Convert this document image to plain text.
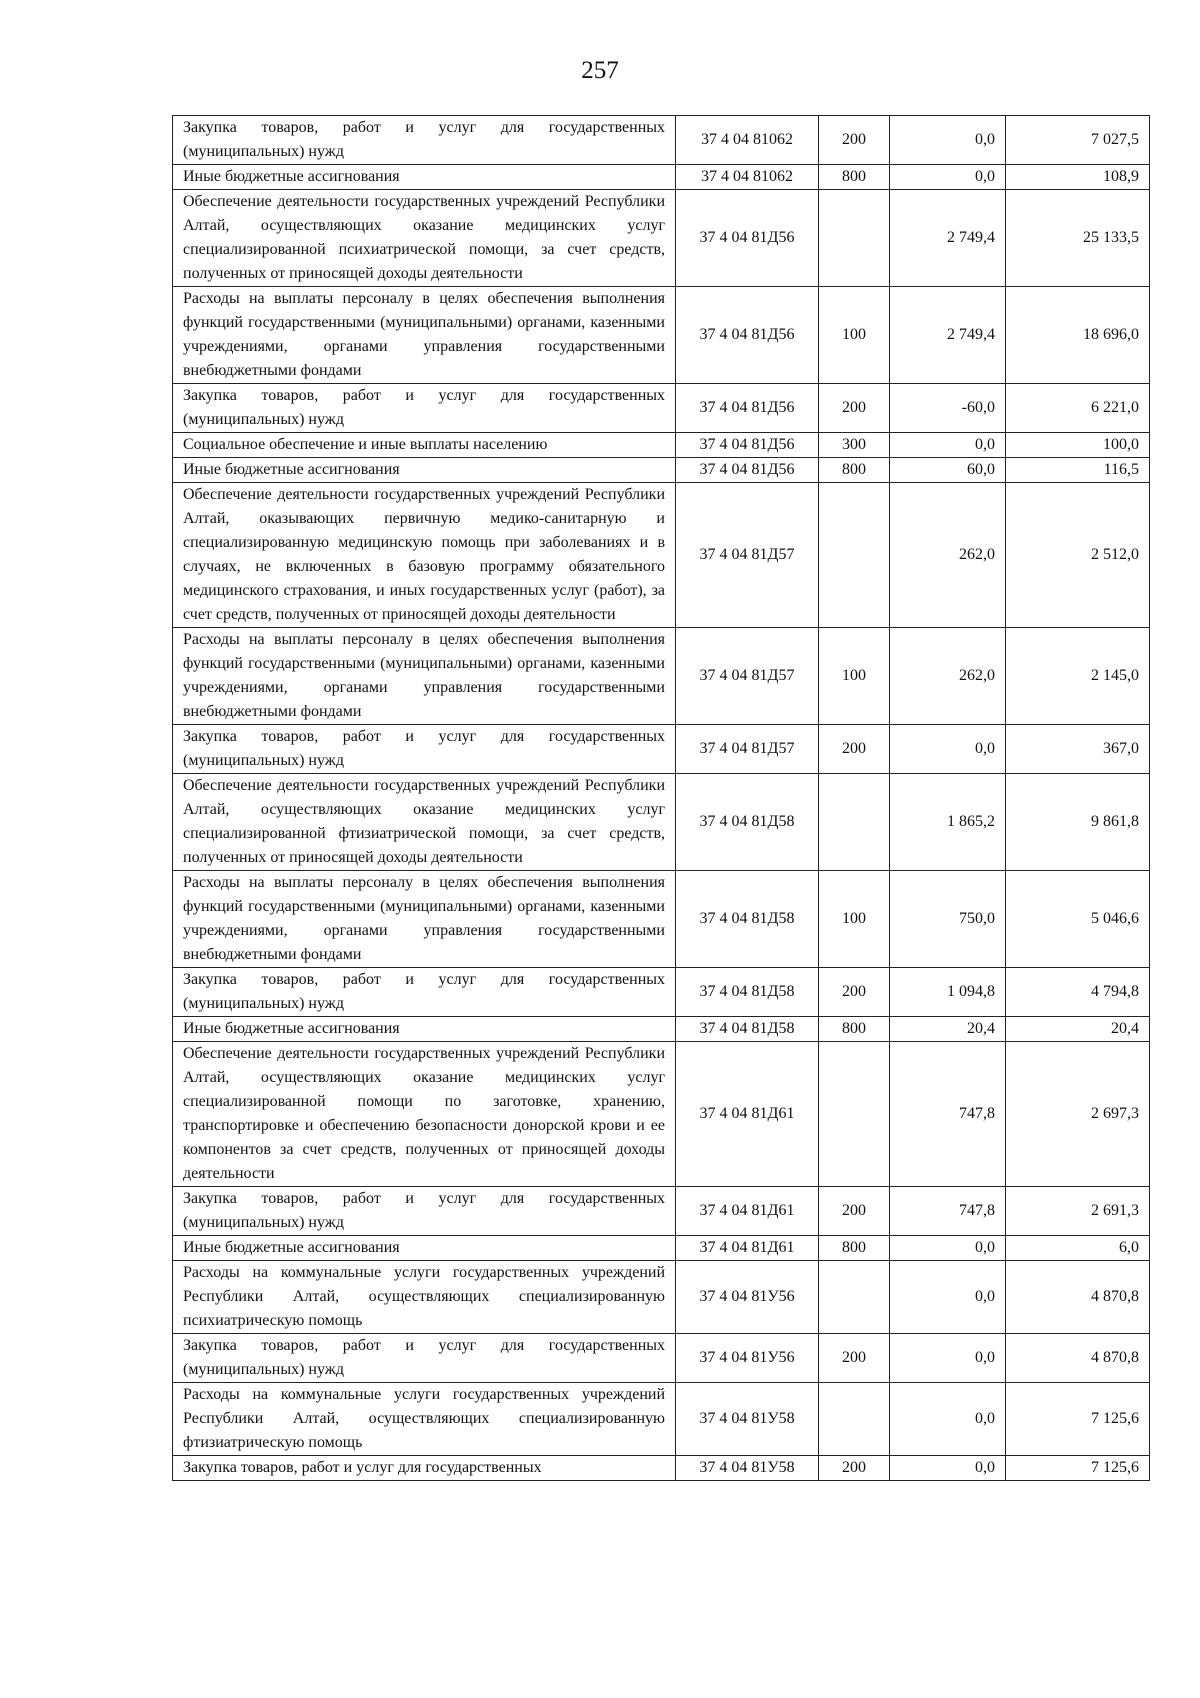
257
Закупка товаров, работ и услуг для государственных (муниципальных) нужд	37 4 04 81062	200	0,0	7 027,5
Иные бюджетные ассигнования	37 4 04 81062	800	0,0	108,9
Обеспечение деятельности государственных учреждений Республики Алтай, осуществляющих оказание медицинских услуг специализированной психиатрической помощи, за счет средств, полученных от приносящей доходы деятельности	37 4 04 81Д56		2 749,4	25 133,5
Расходы на выплаты персоналу в целях обеспечения выполнения функций государственными (муниципальными) органами, казенными учреждениями, органами управления государственными внебюджетными фондами	37 4 04 81Д56	100	2 749,4	18 696,0
Закупка товаров, работ и услуг для государственных (муниципальных) нужд	37 4 04 81Д56	200	-60,0	6 221,0
Социальное обеспечение и иные выплаты населению	37 4 04 81Д56	300	0,0	100,0
Иные бюджетные ассигнования	37 4 04 81Д56	800	60,0	116,5
Обеспечение деятельности государственных учреждений Республики Алтай, оказывающих первичную медико-санитарную и специализированную медицинскую помощь при заболеваниях и в случаях, не включенных в базовую программу обязательного медицинского страхования, и иных государственных услуг (работ), за счет средств, полученных от приносящей доходы деятельности	37 4 04 81Д57		262,0	2 512,0
Расходы на выплаты персоналу в целях обеспечения выполнения функций государственными (муниципальными) органами, казенными учреждениями, органами управления государственными внебюджетными фондами	37 4 04 81Д57	100	262,0	2 145,0
Закупка товаров, работ и услуг для государственных (муниципальных) нужд	37 4 04 81Д57	200	0,0	367,0
Обеспечение деятельности государственных учреждений Республики Алтай, осуществляющих оказание медицинских услуг специализированной фтизиатрической помощи, за счет средств, полученных от приносящей доходы деятельности	37 4 04 81Д58		1 865,2	9 861,8
Расходы на выплаты персоналу в целях обеспечения выполнения функций государственными (муниципальными) органами, казенными учреждениями, органами управления государственными внебюджетными фондами	37 4 04 81Д58	100	750,0	5 046,6
Закупка товаров, работ и услуг для государственных (муниципальных) нужд	37 4 04 81Д58	200	1 094,8	4 794,8
Иные бюджетные ассигнования	37 4 04 81Д58	800	20,4	20,4
Обеспечение деятельности государственных учреждений Республики Алтай, осуществляющих оказание медицинских услуг специализированной помощи по заготовке, хранению, транспортировке и обеспечению безопасности донорской крови и ее компонентов за счет средств, полученных от приносящей доходы деятельности	37 4 04 81Д61		747,8	2 697,3
Закупка товаров, работ и услуг для государственных (муниципальных) нужд	37 4 04 81Д61	200	747,8	2 691,3
Иные бюджетные ассигнования	37 4 04 81Д61	800	0,0	6,0
Расходы на коммунальные услуги государственных учреждений Республики Алтай, осуществляющих специализированную психиатрическую помощь	37 4 04 81У56		0,0	4 870,8
Закупка товаров, работ и услуг для государственных (муниципальных) нужд	37 4 04 81У56	200	0,0	4 870,8
Расходы на коммунальные услуги государственных учреждений Республики Алтай, осуществляющих специализированную фтизиатрическую помощь	37 4 04 81У58		0,0	7 125,6
Закупка товаров, работ и услуг для государственных	37 4 04 81У58	200	0,0	7 125,6
